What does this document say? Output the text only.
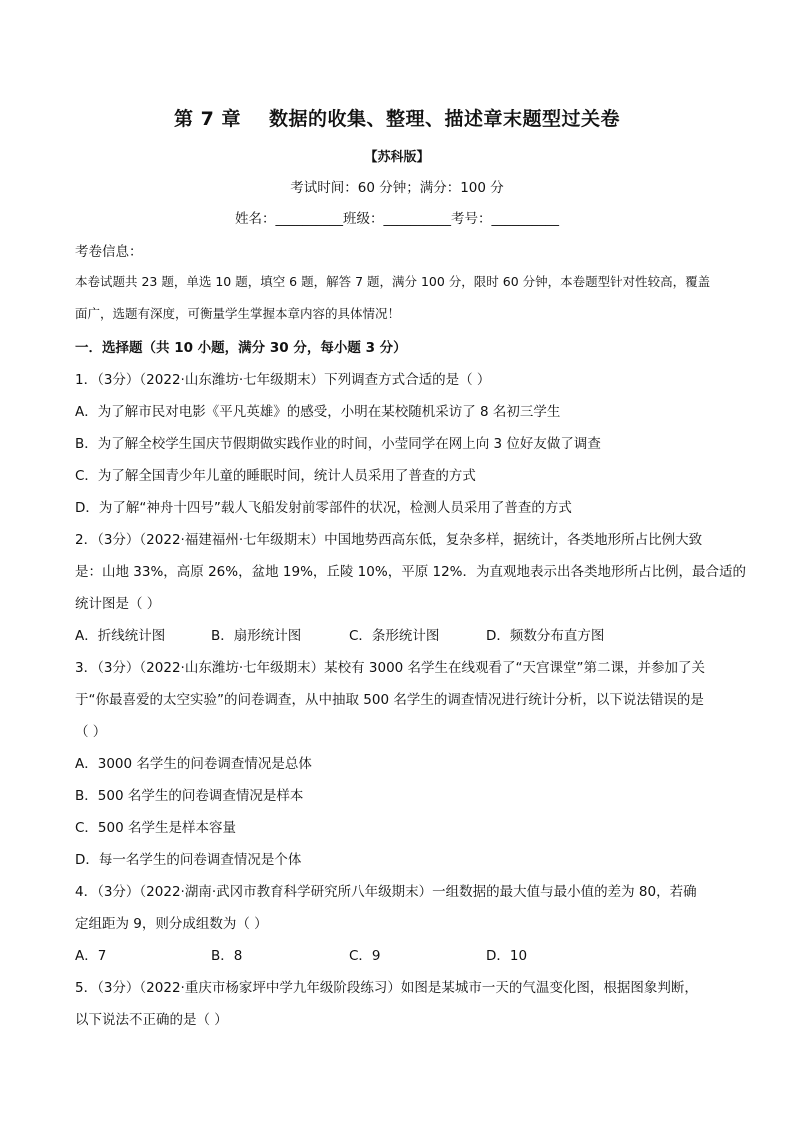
第 7 章 数据的收集、整理、描述章末题型过关卷
【苏科版】
考试时间：60 分钟；满分：100 分
姓名：__________班级：__________考号：__________
考卷信息：
本卷试题共 23 题，单选 10 题，填空 6 题，解答 7 题，满分 100 分，限时 60 分钟，本卷题型针对性较高，覆盖
面广，选题有深度，可衡量学生掌握本章内容的具体情况！
一．选择题（共 10 小题，满分 30 分，每小题 3 分）
1．（3分）（2022·山东潍坊·七年级期末）下列调查方式合适的是（ ）
A．为了解市民对电影《平凡英雄》的感受，小明在某校随机采访了 8 名初三学生
B．为了解全校学生国庆节假期做实践作业的时间，小莹同学在网上向 3 位好友做了调查
C．为了解全国青少年儿童的睡眠时间，统计人员采用了普查的方式
D．为了解“神舟十四号”载人飞船发射前零部件的状况，检测人员采用了普查的方式
2．（3分）（2022·福建福州·七年级期末）中国地势西高东低，复杂多样，据统计，各类地形所占比例大致
是：山地 33%，高原 26%，盆地 19%，丘陵 10%，平原 12%．为直观地表示出各类地形所占比例，最合适的
统计图是（ ）
A．折线统计图	B．扇形统计图	C．条形统计图	D．频数分布直方图
3．（3分）（2022·山东潍坊·七年级期末）某校有 3000 名学生在线观看了“天宫课堂”第二课，并参加了关
于“你最喜爱的太空实验”的问卷调查，从中抽取 500 名学生的调查情况进行统计分析，以下说法错误的是
（ ）
A．3000 名学生的问卷调查情况是总体
B．500 名学生的问卷调查情况是样本
C．500 名学生是样本容量
D．每一名学生的问卷调查情况是个体
4．（3分）（2022·湖南·武冈市教育科学研究所八年级期末）一组数据的最大值与最小值的差为 80，若确
定组距为 9，则分成组数为（ ）
A．7	B．8	C．9	D．10
5．（3分）（2022·重庆市杨家坪中学九年级阶段练习）如图是某城市一天的气温变化图，根据图象判断，
以下说法不正确的是（ ）
